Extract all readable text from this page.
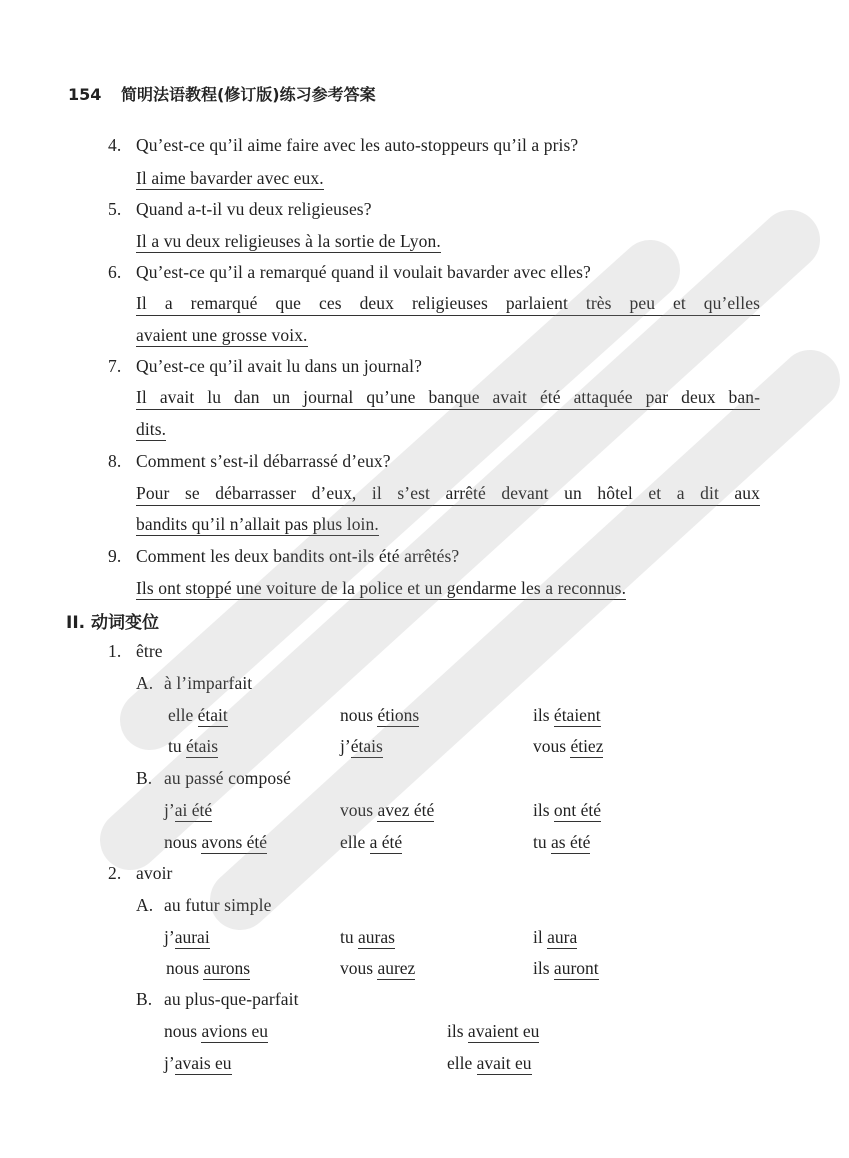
154 简明法语教程(修订版)练习参考答案
4. Qu’est-ce qu’il aime faire avec les auto-stoppeurs qu’il a pris?
Il aime bavarder avec eux.
5. Quand a-t-il vu deux religieuses?
Il a vu deux religieuses à la sortie de Lyon.
6. Qu’est-ce qu’il a remarqué quand il voulait bavarder avec elles?
Il a remarqué que ces deux religieuses parlaient très peu et qu’elles
avaient une grosse voix.
7. Qu’est-ce qu’il avait lu dans un journal?
Il avait lu dan un journal qu’une banque avait été attaquée par deux ban-
dits.
8. Comment s’est-il débarrassé d’eux?
Pour se débarrasser d’eux, il s’est arrêté devant un hôtel et a dit aux
bandits qu’il n’allait pas plus loin.
9. Comment les deux bandits ont-ils été arrêtés?
Ils ont stoppé une voiture de la police et un gendarme les a reconnus.
II. 动词变位
1. être
A. à l’imparfait
elle était	nous étions	ils étaient
tu étais	j’étais	vous étiez
B. au passé composé
j’ai été	vous avez été	ils ont été
nous avons été	elle a été	tu as été
2. avoir
A. au futur simple
j’aurai	tu auras	il aura
nous aurons	vous aurez	ils auront
B. au plus-que-parfait
nous avions eu	ils avaient eu
j’avais eu	elle avait eu
